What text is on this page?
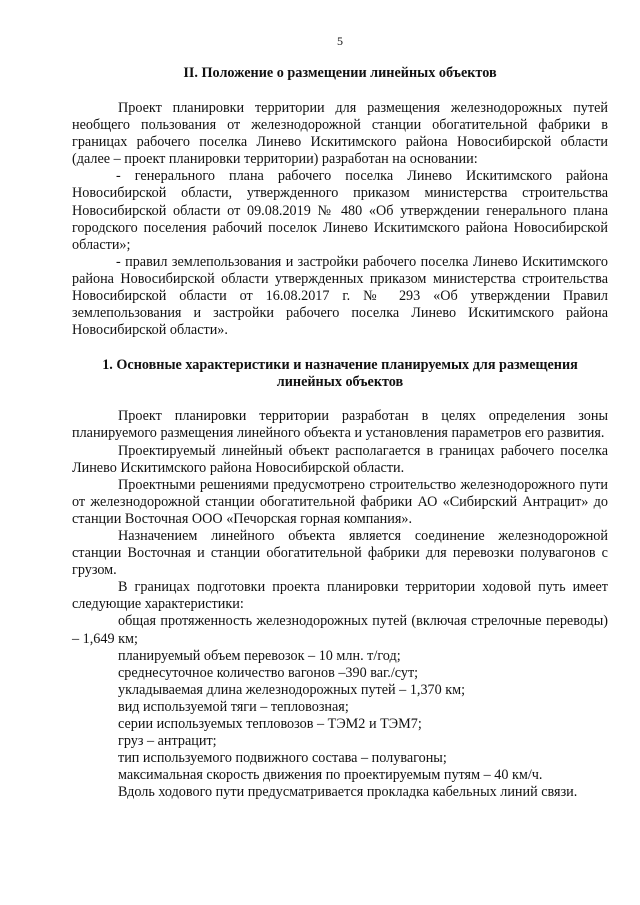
5
II. Положение о размещении линейных объектов

Проект планировки территории для размещения железнодорожных путей необщего пользования от железнодорожной станции обогатительной фабрики в границах рабочего поселка Линево Искитимского района Новосибирской области (далее – проект планировки территории) разработан на основании:

- генерального плана рабочего поселка Линево Искитимского района Новосибирской области, утвержденного приказом министерства строительства Новосибирской области от 09.08.2019 № 480 «Об утверждении генерального плана городского поселения рабочий поселок Линево Искитимского района Новосибирской области»;

- правил землепользования и застройки рабочего поселка Линево Искитимского района Новосибирской области утвержденных приказом министерства строительства Новосибирской области от 16.08.2017 г. № 293 «Об утверждении Правил землепользования и застройки рабочего поселка Линево Искитимского района Новосибирской области».

1. Основные характеристики и назначение планируемых для размещения линейных объектов

Проект планировки территории разработан в целях определения зоны планируемого размещения линейного объекта и установления параметров его развития.

Проектируемый линейный объект располагается в границах рабочего поселка Линево Искитимского района Новосибирской области.

Проектными решениями предусмотрено строительство железнодорожного пути от железнодорожной станции обогатительной фабрики АО «Сибирский Антрацит» до станции Восточная ООО «Печорская горная компания».

Назначением линейного объекта является соединение железнодорожной станции Восточная и станции обогатительной фабрики для перевозки полувагонов с грузом.

В границах подготовки проекта планировки территории ходовой путь имеет следующие характеристики:

общая протяженность железнодорожных путей (включая стрелочные переводы) – 1,649 км;

планируемый объем перевозок – 10 млн. т/год;

среднесуточное количество вагонов –390 ваг./сут;

укладываемая длина железнодорожных путей – 1,370 км;

вид используемой тяги – тепловозная;

серии используемых тепловозов – ТЭМ2 и ТЭМ7;

груз – антрацит;

тип используемого подвижного состава – полувагоны;

максимальная скорость движения по проектируемым путям – 40 км/ч.

Вдоль ходового пути предусматривается прокладка кабельных линий связи.
